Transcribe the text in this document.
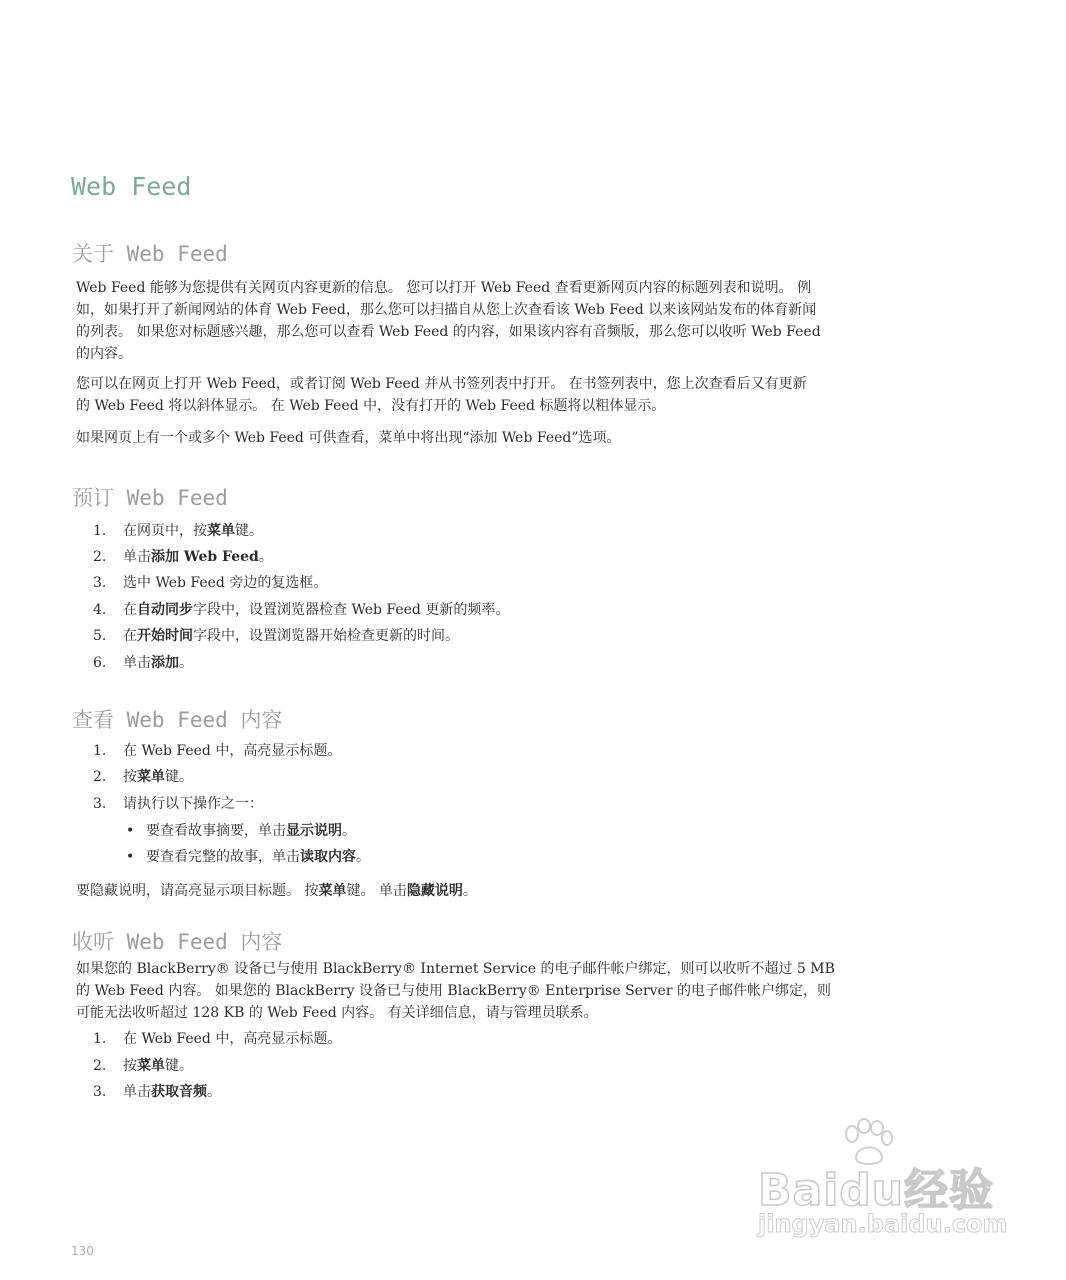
Web Feed
关于 Web Feed

Web Feed 能够为您提供有关网页内容更新的信息。 您可以打开 Web Feed 查看更新网页内容的标题列表和说明。 例
如，如果打开了新闻网站的体育 Web Feed，那么您可以扫描自从您上次查看该 Web Feed 以来该网站发布的体育新闻
的列表。 如果您对标题感兴趣，那么您可以查看 Web Feed 的内容，如果该内容有音频版，那么您可以收听 Web Feed
的内容。

您可以在网页上打开 Web Feed，或者订阅 Web Feed 并从书签列表中打开。 在书签列表中，您上次查看后又有更新
的 Web Feed 将以斜体显示。 在 Web Feed 中，没有打开的 Web Feed 标题将以粗体显示。

如果网页上有一个或多个 Web Feed 可供查看，菜单中将出现“添加 Web Feed”选项。

预订 Web Feed
1. 在网页中，按菜单键。
2. 单击添加 Web Feed。
3. 选中 Web Feed 旁边的复选框。
4. 在自动同步字段中，设置浏览器检查 Web Feed 更新的频率。
5. 在开始时间字段中，设置浏览器开始检查更新的时间。
6. 单击添加。
查看 Web Feed 内容
1. 在 Web Feed 中，高亮显示标题。
2. 按菜单键。
3. 请执行以下操作之一：
• 要查看故事摘要，单击显示说明。
• 要查看完整的故事，单击读取内容。
要隐藏说明，请高亮显示项目标题。 按菜单键。 单击隐藏说明。
收听 Web Feed 内容

如果您的 BlackBerry® 设备已与使用 BlackBerry® Internet Service 的电子邮件帐户绑定，则可以收听不超过 5 MB
的 Web Feed 内容。 如果您的 BlackBerry 设备已与使用 BlackBerry® Enterprise Server 的电子邮件帐户绑定，则
可能无法收听超过 128 KB 的 Web Feed 内容。 有关详细信息，请与管理员联系。

1. 在 Web Feed 中，高亮显示标题。
2. 按菜单键。
3. 单击获取音频。
Baidu经验
jingyan.baidu.com
130
